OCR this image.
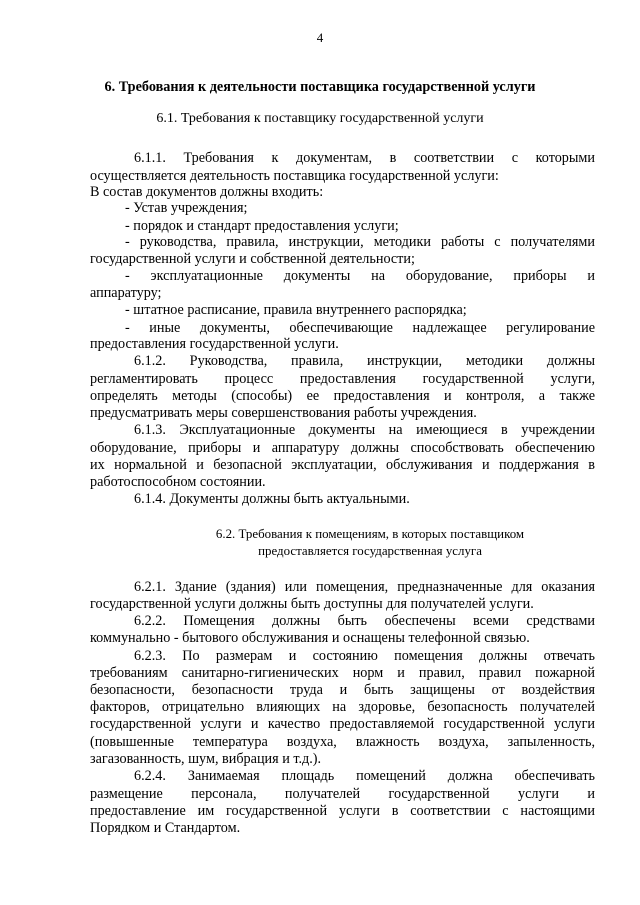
4
6. Требования к деятельности поставщика государственной услуги
6.1. Требования к поставщику государственной услуги
6.1.1. Требования к документам, в соответствии с которыми
осуществляется деятельность поставщика государственной услуги:
В состав документов должны входить:
- Устав учреждения;
- порядок и стандарт предоставления услуги;
- руководства, правила, инструкции, методики работы с получателями
государственной услуги и собственной деятельности;
- эксплуатационные документы на оборудование, приборы и
аппаратуру;
- штатное расписание, правила внутреннего распорядка;
- иные документы, обеспечивающие надлежащее регулирование
предоставления государственной услуги.
6.1.2. Руководства, правила, инструкции, методики должны
регламентировать процесс предоставления государственной услуги,
определять методы (способы) ее предоставления и контроля, а также
предусматривать меры совершенствования работы учреждения.
6.1.3. Эксплуатационные документы на имеющиеся в учреждении
оборудование, приборы и аппаратуру должны способствовать обеспечению
их нормальной и безопасной эксплуатации, обслуживания и поддержания в
работоспособном состоянии.
6.1.4. Документы должны быть актуальными.
6.2. Требования к помещениям, в которых поставщиком
предоставляется государственная услуга
6.2.1. Здание (здания) или помещения, предназначенные для оказания
государственной услуги должны быть доступны для получателей услуги.
6.2.2. Помещения должны быть обеспечены всеми средствами
коммунально - бытового обслуживания и оснащены телефонной связью.
6.2.3. По размерам и состоянию помещения должны отвечать
требованиям санитарно-гигиенических норм и правил, правил пожарной
безопасности, безопасности труда и быть защищены от воздействия
факторов, отрицательно влияющих на здоровье, безопасность получателей
государственной услуги и качество предоставляемой государственной услуги
(повышенные температура воздуха, влажность воздуха, запыленность,
загазованность, шум, вибрация и т.д.).
6.2.4. Занимаемая площадь помещений должна обеспечивать
размещение персонала, получателей государственной услуги и
предоставление им государственной услуги в соответствии с настоящими
Порядком и Стандартом.
